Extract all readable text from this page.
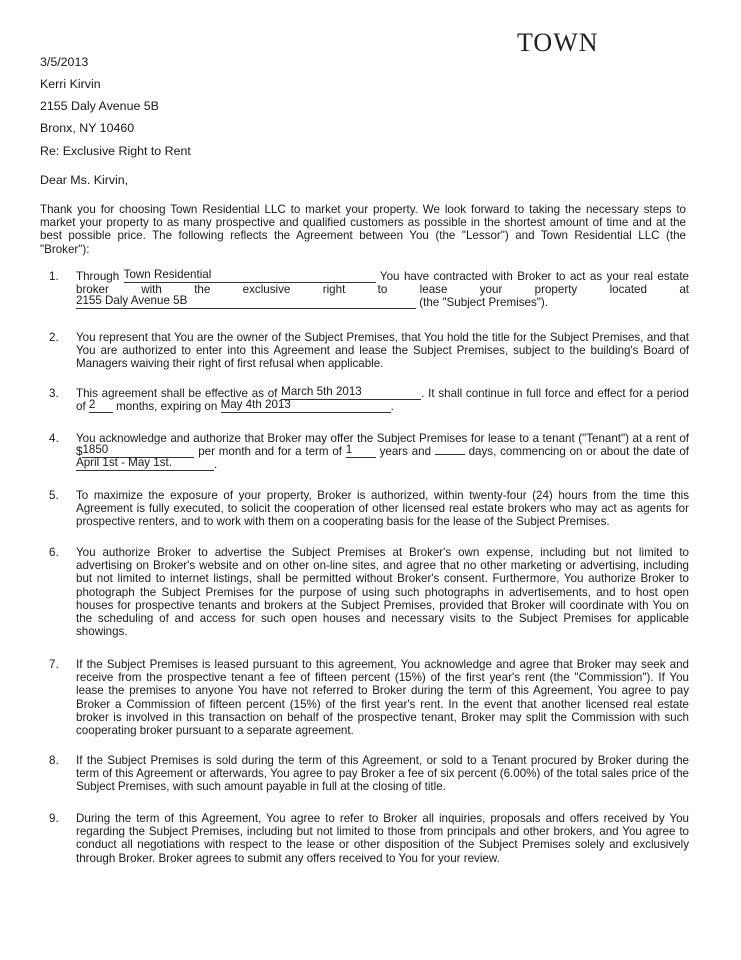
TOWN
3/5/2013
Kerri Kirvin
2155 Daly Avenue 5B
Bronx, NY 10460
Re: Exclusive Right to Rent
Dear Ms. Kirvin,
Thank you for choosing Town Residential LLC to market your property. We look forward to taking the necessary steps to market your property to as many prospective and qualified customers as possible in the shortest amount of time and at the best possible price. The following reflects the Agreement between You (the "Lessor") and Town Residential LLC (the "Broker"):
1. Through Town Residential	You have contracted with Broker to act as your real estate broker with the exclusive right to lease your property located at 2155 Daly Avenue 5B	(the "Subject Premises").
2. You represent that You are the owner of the Subject Premises, that You hold the title for the Subject Premises, and that You are authorized to enter into this Agreement and lease the Subject Premises, subject to the building's Board of Managers waiving their right of first refusal when applicable.
3. This agreement shall be effective as of March 5th 2013	. It shall continue in full force and effect for a period of 2 months, expiring on May 4th 2013	.
4. You acknowledge and authorize that Broker may offer the Subject Premises for lease to a tenant ("Tenant") at a rent of $1850	per month and for a term of 1 years and	days, commencing on or about the date of April 1st - May 1st.	.
5. To maximize the exposure of your property, Broker is authorized, within twenty-four (24) hours from the time this Agreement is fully executed, to solicit the cooperation of other licensed real estate brokers who may act as agents for prospective renters, and to work with them on a cooperating basis for the lease of the Subject Premises.
6. You authorize Broker to advertise the Subject Premises at Broker's own expense, including but not limited to advertising on Broker's website and on other on-line sites, and agree that no other marketing or advertising, including but not limited to internet listings, shall be permitted without Broker's consent. Furthermore, You authorize Broker to photograph the Subject Premises for the purpose of using such photographs in advertisements, and to host open houses for prospective tenants and brokers at the Subject Premises, provided that Broker will coordinate with You on the scheduling of and access for such open houses and necessary visits to the Subject Premises for applicable showings.
7. If the Subject Premises is leased pursuant to this agreement, You acknowledge and agree that Broker may seek and receive from the prospective tenant a fee of fifteen percent (15%) of the first year's rent (the "Commission"). If You lease the premises to anyone You have not referred to Broker during the term of this Agreement, You agree to pay Broker a Commission of fifteen percent (15%) of the first year's rent. In the event that another licensed real estate broker is involved in this transaction on behalf of the prospective tenant, Broker may split the Commission with such cooperating broker pursuant to a separate agreement.
8. If the Subject Premises is sold during the term of this Agreement, or sold to a Tenant procured by Broker during the term of this Agreement or afterwards, You agree to pay Broker a fee of six percent (6.00%) of the total sales price of the Subject Premises, with such amount payable in full at the closing of title.
9. During the term of this Agreement, You agree to refer to Broker all inquiries, proposals and offers received by You regarding the Subject Premises, including but not limited to those from principals and other brokers, and You agree to conduct all negotiations with respect to the lease or other disposition of the Subject Premises solely and exclusively through Broker. Broker agrees to submit any offers received to You for your review.
